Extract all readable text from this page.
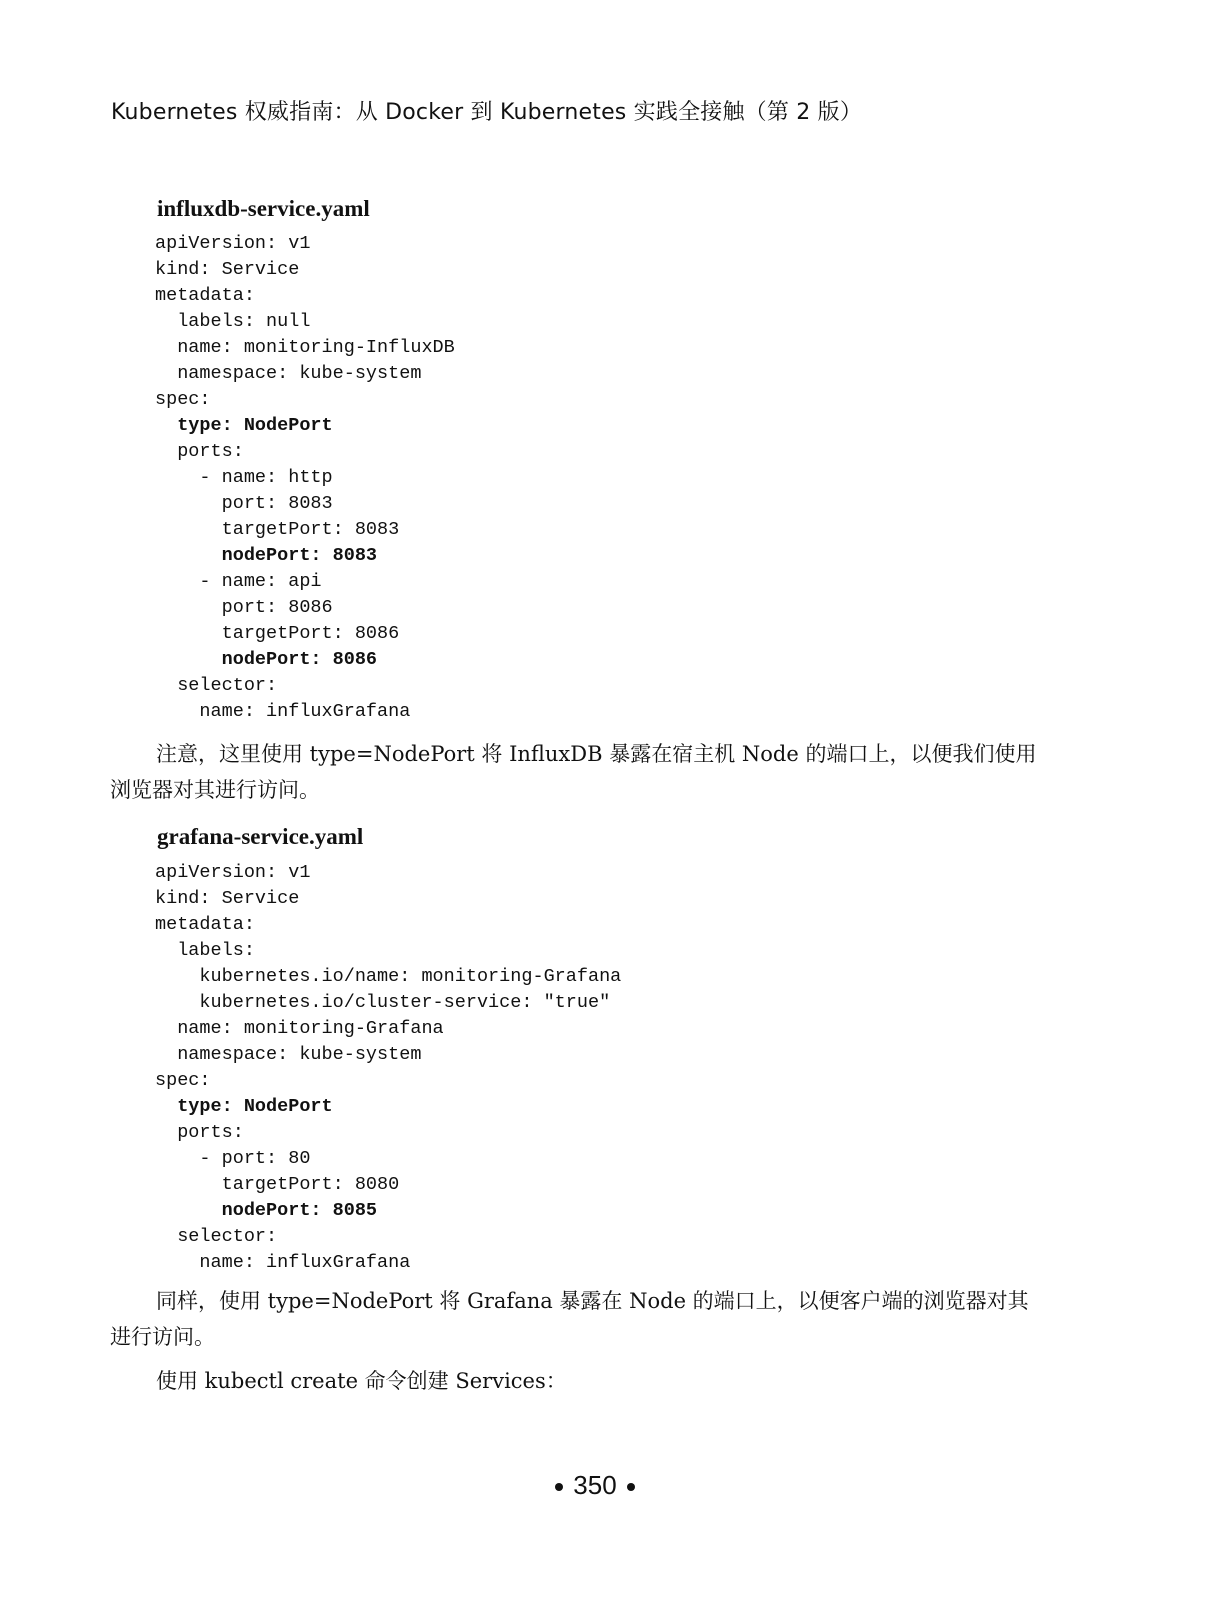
Kubernetes 权威指南：从 Docker 到 Kubernetes 实践全接触（第 2 版）
influxdb-service.yaml
apiVersion: v1
kind: Service
metadata:
labels: null
name: monitoring-InfluxDB
namespace: kube-system
spec:
type: NodePort
ports:
- name: http
port: 8083
targetPort: 8083
nodePort: 8083
- name: api
port: 8086
targetPort: 8086
nodePort: 8086
selector:
name: influxGrafana
注意，这里使用 type=NodePort 将 InfluxDB 暴露在宿主机 Node 的端口上，以便我们使用
浏览器对其进行访问。
grafana-service.yaml
apiVersion: v1
kind: Service
metadata:
labels:
kubernetes.io/name: monitoring-Grafana
kubernetes.io/cluster-service: "true"
name: monitoring-Grafana
namespace: kube-system
spec:
type: NodePort
ports:
- port: 80
targetPort: 8080
nodePort: 8085
selector:
name: influxGrafana
同样，使用 type=NodePort 将 Grafana 暴露在 Node 的端口上，以便客户端的浏览器对其
进行访问。
使用 kubectl create 命令创建 Services：
350
